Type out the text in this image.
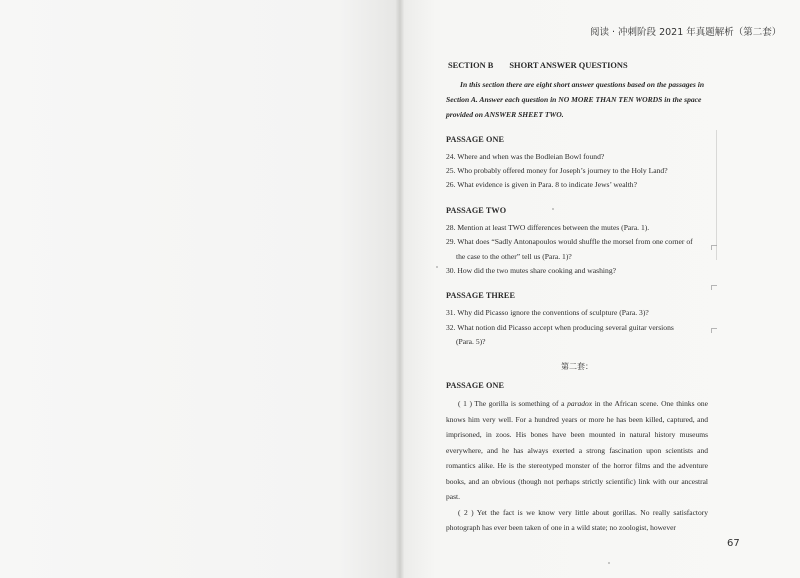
阅读 · 冲刺阶段 2021 年真题解析（第二套）
SECTION B SHORT ANSWER QUESTIONS
In this section there are eight short answer questions based on the passages in Section A. Answer each question in NO MORE THAN TEN WORDS in the space provided on ANSWER SHEET TWO.
PASSAGE ONE
24. Where and when was the Bodleian Bowl found?
25. Who probably offered money for Joseph’s journey to the Holy Land?
26. What evidence is given in Para. 8 to indicate Jews’ wealth?
PASSAGE TWO
28. Mention at least TWO differences between the mutes (Para. 1).
29. What does “Sadly Antonapoulos would shuffle the morsel from one corner of
the case to the other” tell us (Para. 1)?
30. How did the two mutes share cooking and washing?
PASSAGE THREE
31. Why did Picasso ignore the conventions of sculpture (Para. 3)?
32. What notion did Picasso accept when producing several guitar versions
(Para. 5)?
第二套：
PASSAGE ONE
( 1 ) The gorilla is something of a paradox in the African scene. One thinks one knows him very well. For a hundred years or more he has been killed, captured, and imprisoned, in zoos. His bones have been mounted in natural history museums everywhere, and he has always exerted a strong fascination upon scientists and romantics alike. He is the stereotyped monster of the horror films and the adventure books, and an obvious (though not perhaps strictly scientific) link with our ancestral past.
( 2 ) Yet the fact is we know very little about gorillas. No really satisfactory photograph has ever been taken of one in a wild state; no zoologist, however
67
